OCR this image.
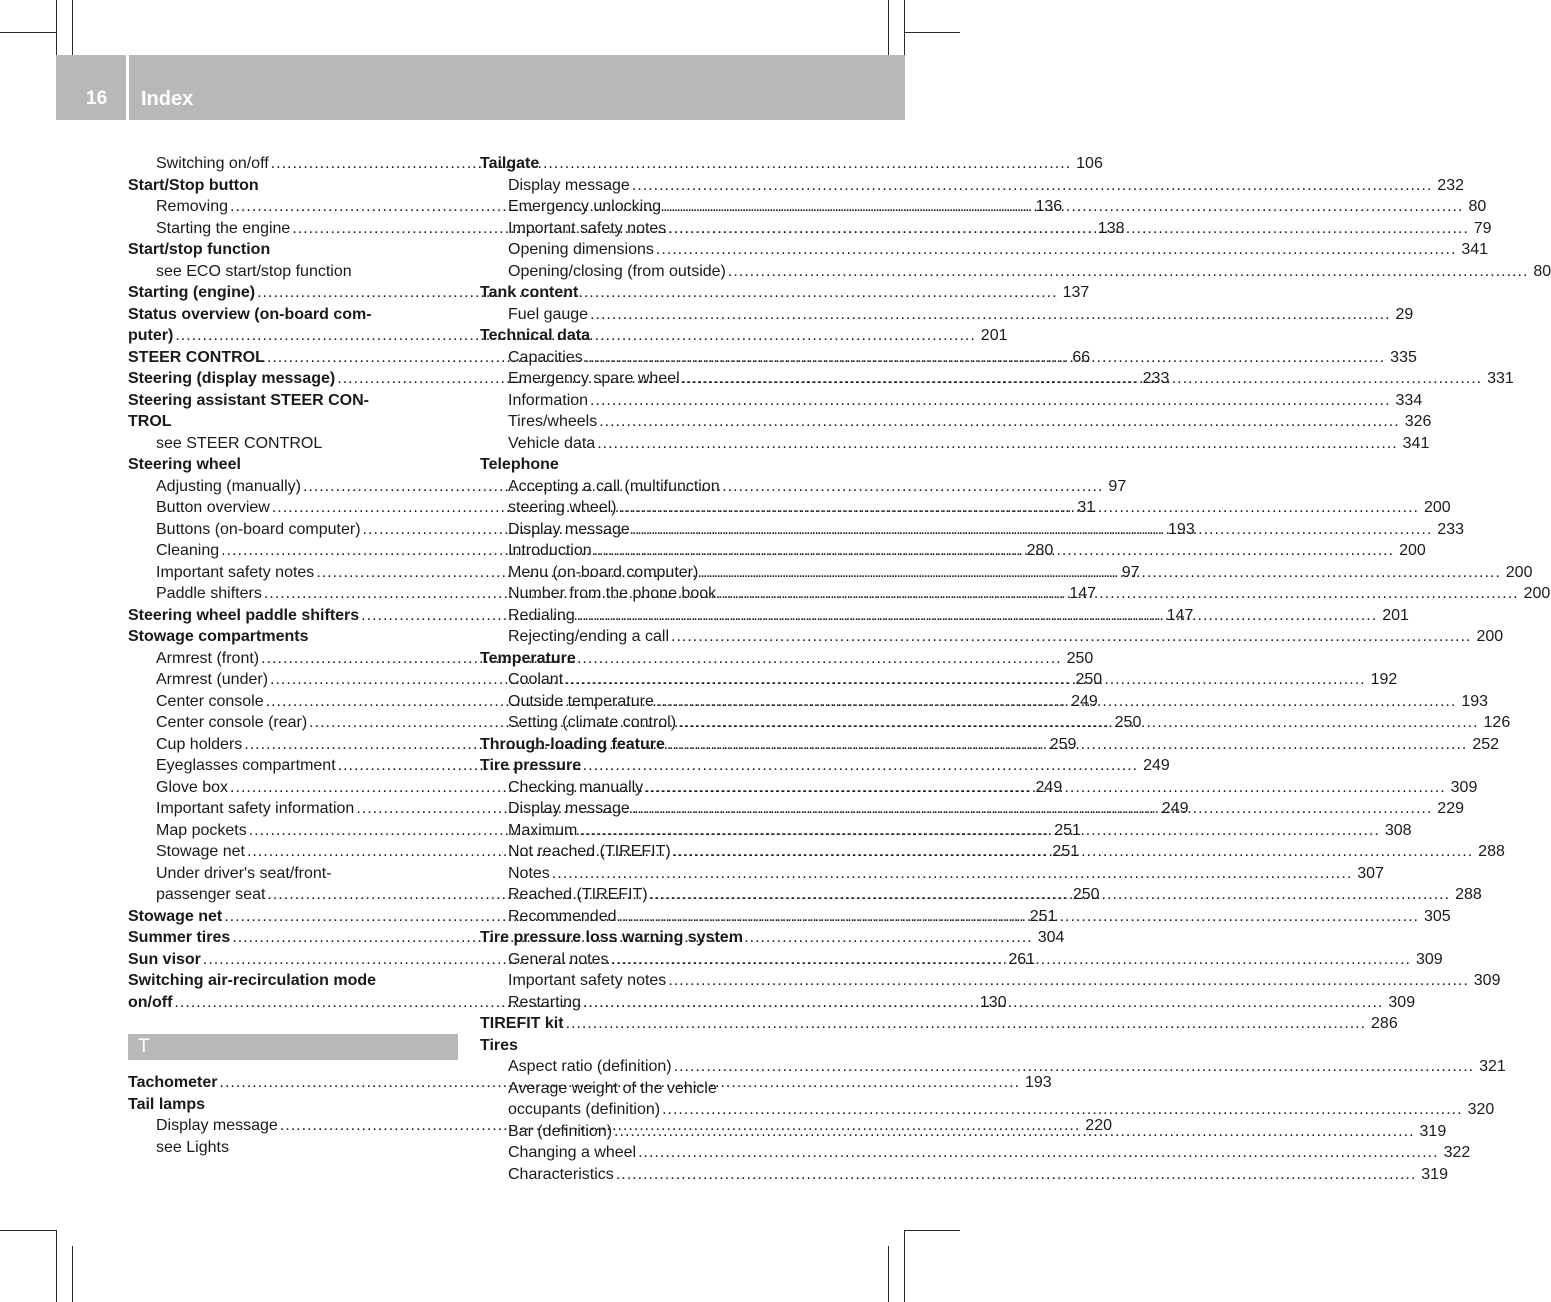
16 Index
Switching on/off .....	106
Start/Stop button
Removing .....	136
Starting the engine .....	138
Start/stop function
see ECO start/stop function
Starting (engine) .....	137
Status overview (on-board com-
puter) .....	201
STEER CONTROL .....	66
Steering (display message) .....	233
Steering assistant STEER CON-
TROL
see STEER CONTROL
Steering wheel
Adjusting (manually) .....	97
Button overview .....	31
Buttons (on-board computer) .....	193
Cleaning .....	280
Important safety notes .....	97
Paddle shifters .....	147
Steering wheel paddle shifters .....	147
Stowage compartments
Armrest (front) .....	250
Armrest (under) .....	250
Center console .....	249
Center console (rear) .....	250
Cup holders .....	259
Eyeglasses compartment .....	249
Glove box .....	249
Important safety information .....	249
Map pockets .....	251
Stowage net .....	251
Under driver's seat/front-
passenger seat .....	250
Stowage net .....	251
Summer tires .....	304
Sun visor .....	261
Switching air-recirculation mode
on/off .....	130
T
Tachometer .....	193
Tail lamps
Display message .....	220
see Lights
Tailgate
Display message .....	232
Emergency unlocking .....	80
Important safety notes .....	79
Opening dimensions .....	341
Opening/closing (from outside) .....	80
Tank content
Fuel gauge .....	29
Technical data
Capacities .....	335
Emergency spare wheel .....	331
Information .....	334
Tires/wheels .....	326
Vehicle data .....	341
Telephone
Accepting a call (multifunction
steering wheel) .....	200
Display message .....	233
Introduction .....	200
Menu (on-board computer) .....	200
Number from the phone book .....	200
Redialing .....	201
Rejecting/ending a call .....	200
Temperature
Coolant .....	192
Outside temperature .....	193
Setting (climate control) .....	126
Through-loading feature .....	252
Tire pressure
Checking manually .....	309
Display message .....	229
Maximum .....	308
Not reached (TIREFIT) .....	288
Notes .....	307
Reached (TIREFIT) .....	288
Recommended .....	305
Tire pressure loss warning system
General notes .....	309
Important safety notes .....	309
Restarting .....	309
TIREFIT kit .....	286
Tires
Aspect ratio (definition) .....	321
Average weight of the vehicle
occupants (definition) .....	320
Bar (definition) .....	319
Changing a wheel .....	322
Characteristics .....	319
